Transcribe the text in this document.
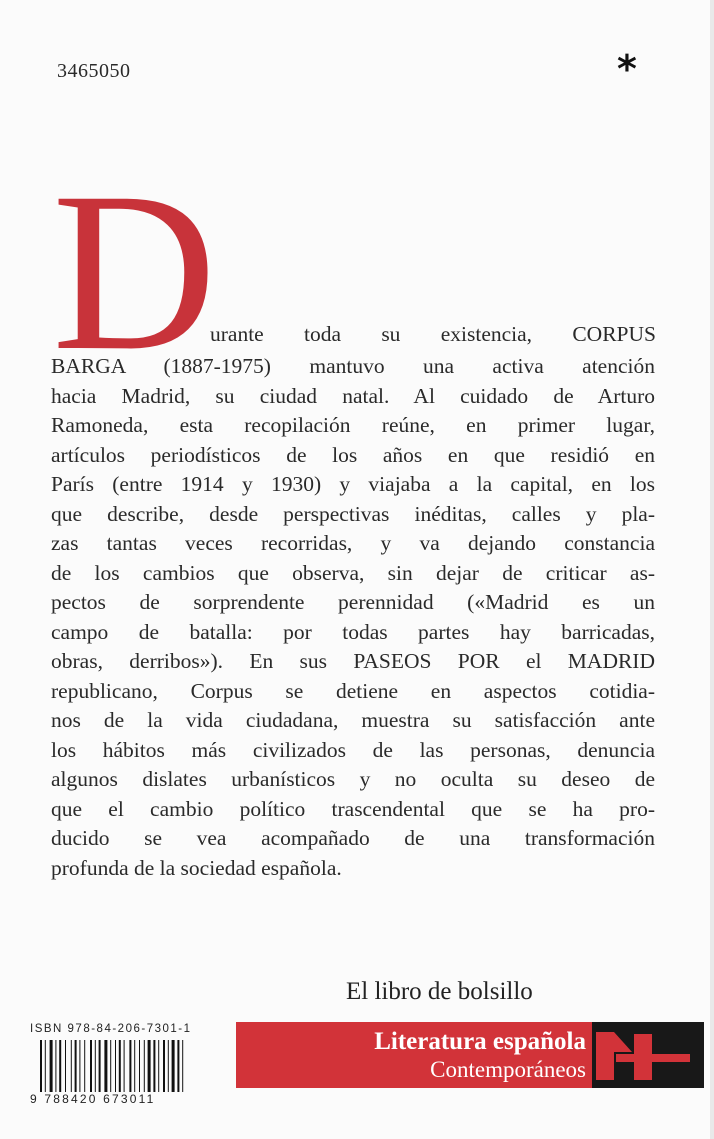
3465050	*
D
urante toda su existencia, CORPUS
BARGA (1887-1975) mantuvo una activa atención
hacia Madrid, su ciudad natal. Al cuidado de Arturo
Ramoneda, esta recopilación reúne, en primer lugar,
artículos periodísticos de los años en que residió en
París (entre 1914 y 1930) y viajaba a la capital, en los
que describe, desde perspectivas inéditas, calles y pla-
zas tantas veces recorridas, y va dejando constancia
de los cambios que observa, sin dejar de criticar as-
pectos de sorprendente perennidad («Madrid es un
campo de batalla: por todas partes hay barricadas,
obras, derribos»). En sus PASEOS POR el MADRID
republicano, Corpus se detiene en aspectos cotidia-
nos de la vida ciudadana, muestra su satisfacción ante
los hábitos más civilizados de las personas, denuncia
algunos dislates urbanísticos y no oculta su deseo de
que el cambio político trascendental que se ha pro-
ducido se vea acompañado de una transformación
profunda de la sociedad española.
El libro de bolsillo
ISBN 978-84-206-7301-1
9 788420 673011
Literatura española
Contemporáneos
